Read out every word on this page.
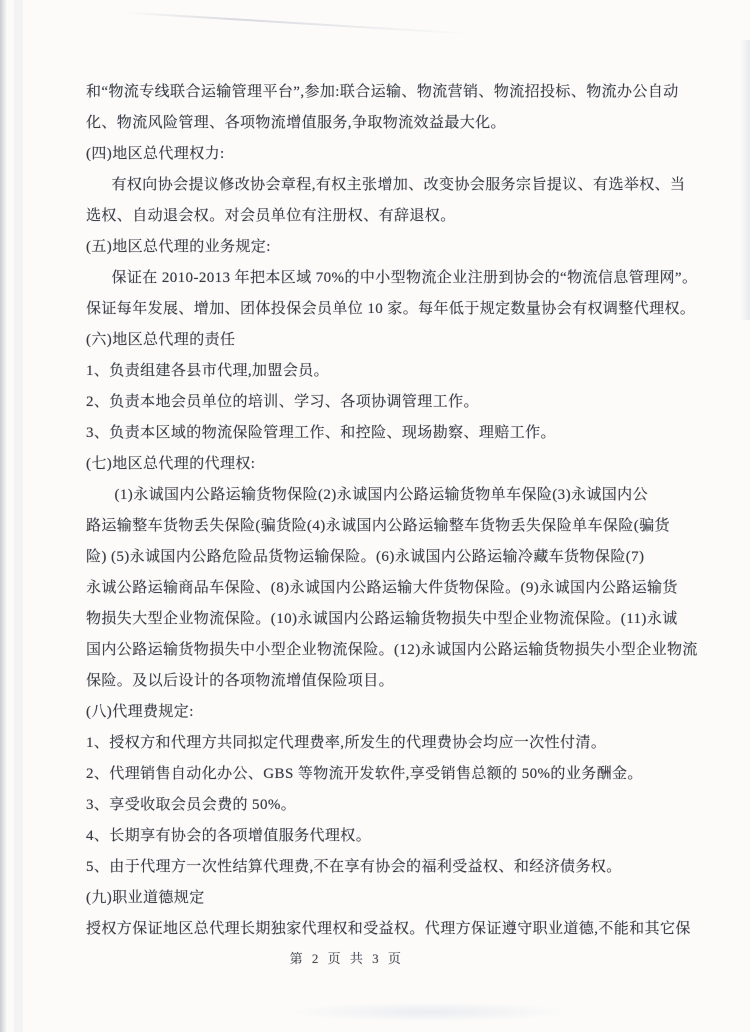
和“物流专线联合运输管理平台”,参加:联合运输、物流营销、物流招投标、物流办公自动
化、物流风险管理、各项物流增值服务,争取物流效益最大化。
(四)地区总代理权力:
有权向协会提议修改协会章程,有权主张增加、改变协会服务宗旨提议、有选举权、当
选权、自动退会权。对会员单位有注册权、有辞退权。
(五)地区总代理的业务规定:
保证在 2010-2013 年把本区域 70%的中小型物流企业注册到协会的“物流信息管理网”。
保证每年发展、增加、团体投保会员单位 10 家。每年低于规定数量协会有权调整代理权。
(六)地区总代理的责任
1、负责组建各县市代理,加盟会员。
2、负责本地会员单位的培训、学习、各项协调管理工作。
3、负责本区域的物流保险管理工作、和控险、现场勘察、理赔工作。
(七)地区总代理的代理权:
(1)永诚国内公路运输货物保险(2)永诚国内公路运输货物单车保险(3)永诚国内公
路运输整车货物丢失保险(骗货险(4)永诚国内公路运输整车货物丢失保险单车保险(骗货
险) (5)永诚国内公路危险品货物运输保险。(6)永诚国内公路运输冷藏车货物保险(7)
永诚公路运输商品车保险、(8)永诚国内公路运输大件货物保险。(9)永诚国内公路运输货
物损失大型企业物流保险。(10)永诚国内公路运输货物损失中型企业物流保险。(11)永诚
国内公路运输货物损失中小型企业物流保险。(12)永诚国内公路运输货物损失小型企业物流
保险。及以后设计的各项物流增值保险项目。
(八)代理费规定:
1、授权方和代理方共同拟定代理费率,所发生的代理费协会均应一次性付清。
2、代理销售自动化办公、GBS 等物流开发软件,享受销售总额的 50%的业务酬金。
3、享受收取会员会费的 50%。
4、长期享有协会的各项增值服务代理权。
5、由于代理方一次性结算代理费,不在享有协会的福利受益权、和经济债务权。
(九)职业道德规定
授权方保证地区总代理长期独家代理权和受益权。代理方保证遵守职业道德,不能和其它保
第 2 页 共 3 页
